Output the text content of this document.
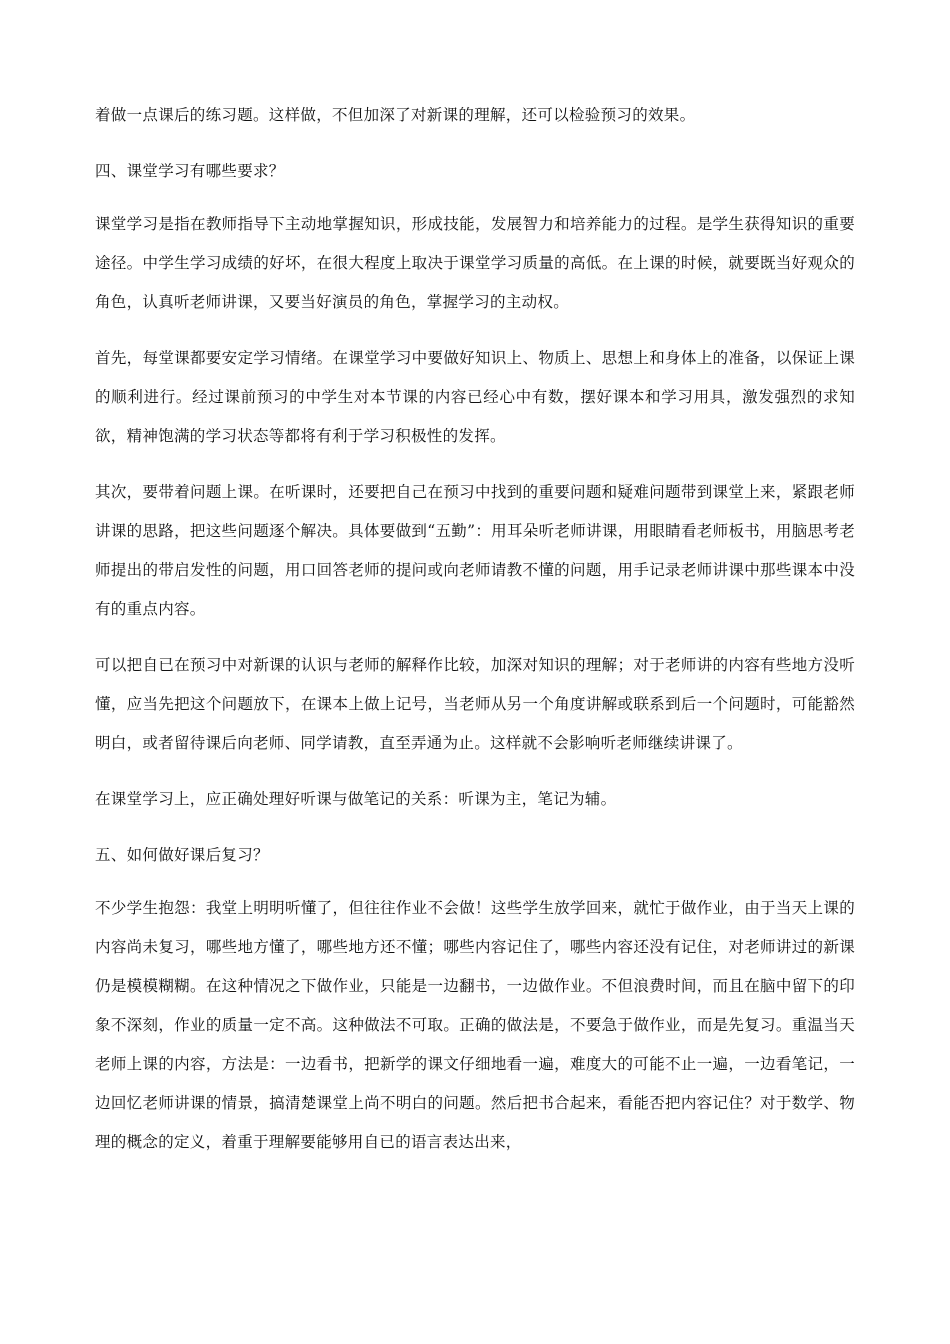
着做一点课后的练习题。这样做，不但加深了对新课的理解，还可以检验预习的效果。

四、课堂学习有哪些要求？

课堂学习是指在教师指导下主动地掌握知识，形成技能，发展智力和培养能力的过程。是学生获得知识的重要途径。中学生学习成绩的好坏，在很大程度上取决于课堂学习质量的高低。在上课的时候，就要既当好观众的角色，认真听老师讲课，又要当好演员的角色，掌握学习的主动权。

首先，每堂课都要安定学习情绪。在课堂学习中要做好知识上、物质上、思想上和身体上的准备，以保证上课的顺利进行。经过课前预习的中学生对本节课的内容已经心中有数，摆好课本和学习用具，激发强烈的求知欲，精神饱满的学习状态等都将有利于学习积极性的发挥。

其次，要带着问题上课。在听课时，还要把自己在预习中找到的重要问题和疑难问题带到课堂上来，紧跟老师讲课的思路，把这些问题逐个解决。具体要做到“五勤”：用耳朵听老师讲课，用眼睛看老师板书，用脑思考老师提出的带启发性的问题，用口回答老师的提问或向老师请教不懂的问题，用手记录老师讲课中那些课本中没有的重点内容。

可以把自已在预习中对新课的认识与老师的解释作比较，加深对知识的理解；对于老师讲的内容有些地方没听懂，应当先把这个问题放下，在课本上做上记号，当老师从另一个角度讲解或联系到后一个问题时，可能豁然明白，或者留待课后向老师、同学请教，直至弄通为止。这样就不会影响听老师继续讲课了。

在课堂学习上，应正确处理好听课与做笔记的关系：听课为主，笔记为辅。

五、如何做好课后复习？

不少学生抱怨：我堂上明明听懂了，但往往作业不会做！这些学生放学回来，就忙于做作业，由于当天上课的内容尚未复习，哪些地方懂了，哪些地方还不懂；哪些内容记住了，哪些内容还没有记住，对老师讲过的新课仍是模模糊糊。在这种情况之下做作业，只能是一边翻书，一边做作业。不但浪费时间，而且在脑中留下的印象不深刻，作业的质量一定不高。这种做法不可取。正确的做法是，不要急于做作业，而是先复习。重温当天老师上课的内容，方法是：一边看书，把新学的课文仔细地看一遍，难度大的可能不止一遍，一边看笔记，一边回忆老师讲课的情景，搞清楚课堂上尚不明白的问题。然后把书合起来，看能否把内容记住？对于数学、物理的概念的定义，着重于理解要能够用自已的语言表达出来，
